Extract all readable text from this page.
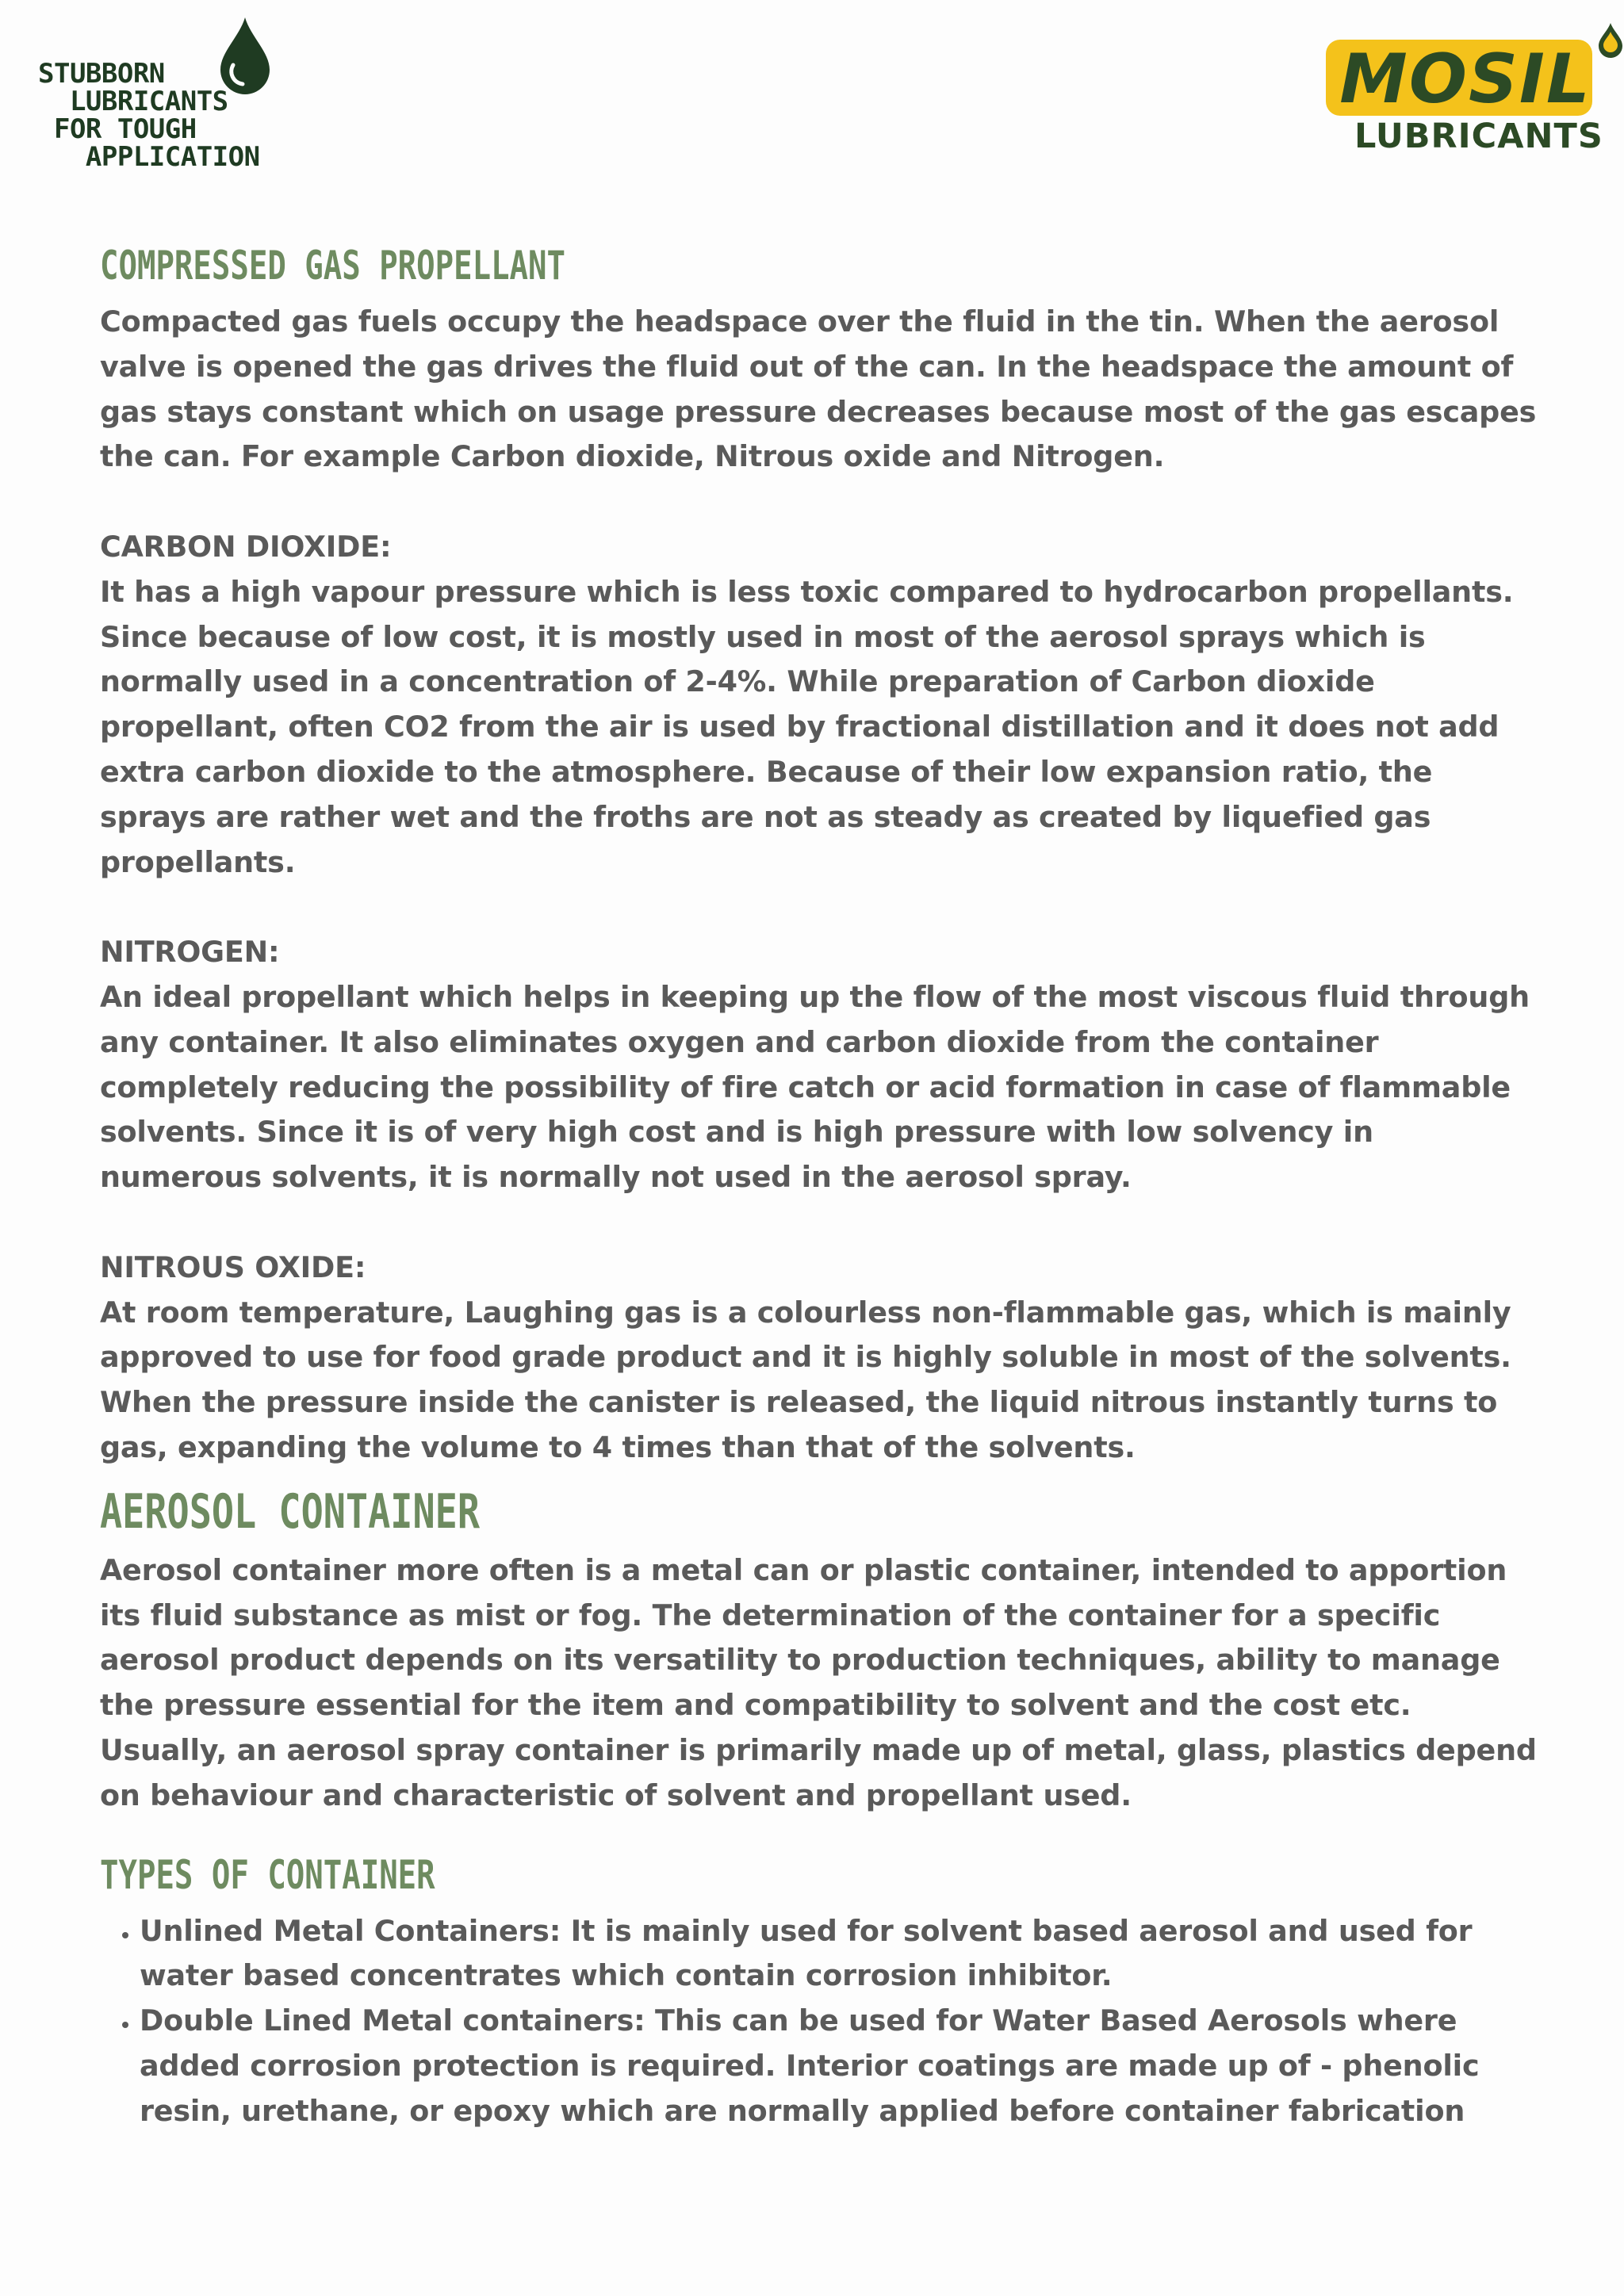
STUBBORN
LUBRICANTS
FOR TOUGH
APPLICATION
MOSIL
LUBRICANTS
COMPRESSED GAS PROPELLANT

Compacted gas fuels occupy the headspace over the fluid in the tin. When the aerosol valve is opened the gas drives the fluid out of the can. In the headspace the amount of gas stays constant which on usage pressure decreases because most of the gas escapes the can. For example Carbon dioxide, Nitrous oxide and Nitrogen.

CARBON DIOXIDE:

It has a high vapour pressure which is less toxic compared to hydrocarbon propellants. Since because of low cost, it is mostly used in most of the aerosol sprays which is normally used in a concentration of 2-4%. While preparation of Carbon dioxide propellant, often CO2 from the air is used by fractional distillation and it does not add extra carbon dioxide to the atmosphere. Because of their low expansion ratio, the sprays are rather wet and the froths are not as steady as created by liquefied gas propellants.

NITROGEN:

An ideal propellant which helps in keeping up the flow of the most viscous fluid through any container. It also eliminates oxygen and carbon dioxide from the container completely reducing the possibility of fire catch or acid formation in case of flammable solvents. Since it is of very high cost and is high pressure with low solvency in numerous solvents, it is normally not used in the aerosol spray.

NITROUS OXIDE:

At room temperature, Laughing gas is a colourless non-flammable gas, which is mainly approved to use for food grade product and it is highly soluble in most of the solvents. When the pressure inside the canister is released, the liquid nitrous instantly turns to gas, expanding the volume to 4 times than that of the solvents.

AEROSOL CONTAINER

Aerosol container more often is a metal can or plastic container, intended to apportion its fluid substance as mist or fog. The determination of the container for a specific aerosol product depends on its versatility to production techniques, ability to manage the pressure essential for the item and compatibility to solvent and the cost etc.

Usually, an aerosol spray container is primarily made up of metal, glass, plastics depend on behaviour and characteristic of solvent and propellant used.

TYPES OF CONTAINER
• Unlined Metal Containers: It is mainly used for solvent based aerosol and used for water based concentrates which contain corrosion inhibitor.
• Double Lined Metal containers: This can be used for Water Based Aerosols where added corrosion protection is required. Interior coatings are made up of - phenolic resin, urethane, or epoxy which are normally applied before container fabrication
